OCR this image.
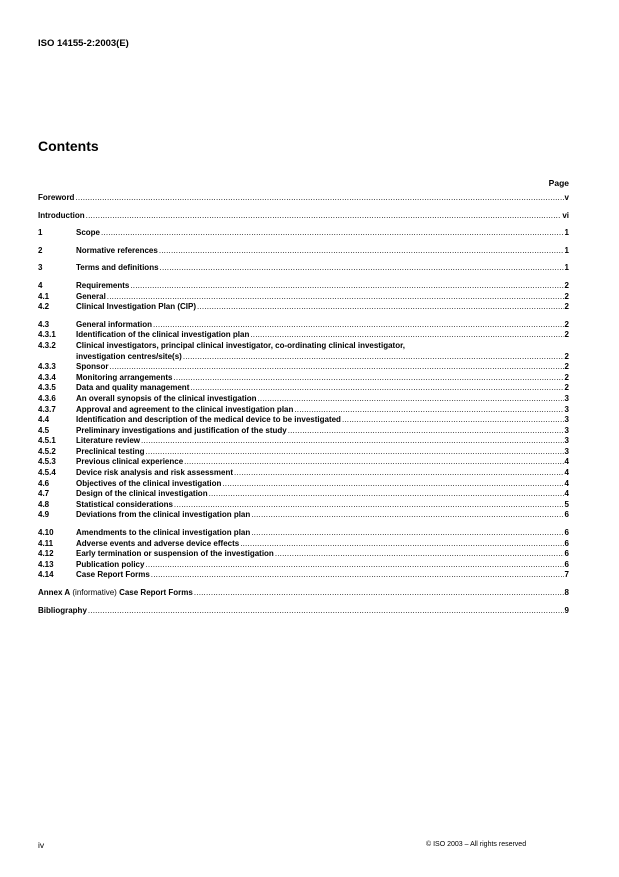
ISO 14155-2:2003(E)
Contents
Page
Foreword .....	v
Introduction .....	vi
1	Scope .....	1
2	Normative references .....	1
3	Terms and definitions .....	1
4	Requirements .....	2
4.1	General .....	2
4.2	Clinical Investigation Plan (CIP) .....	2
4.3	General information .....	2
4.3.1	Identification of the clinical investigation plan .....	2
4.3.2	Clinical investigators, principal clinical investigator, co-ordinating clinical investigator,
investigation centres/site(s) .....	2
4.3.3	Sponsor .....	2
4.3.4	Monitoring arrangements .....	2
4.3.5	Data and quality management .....	2
4.3.6	An overall synopsis of the clinical investigation .....	3
4.3.7	Approval and agreement to the clinical investigation plan .....	3
4.4	Identification and description of the medical device to be investigated .....	3
4.5	Preliminary investigations and justification of the study .....	3
4.5.1	Literature review .....	3
4.5.2	Preclinical testing .....	3
4.5.3	Previous clinical experience .....	4
4.5.4	Device risk analysis and risk assessment .....	4
4.6	Objectives of the clinical investigation .....	4
4.7	Design of the clinical investigation .....	4
4.8	Statistical considerations .....	5
4.9	Deviations from the clinical investigation plan .....	6
4.10	Amendments to the clinical investigation plan .....	6
4.11	Adverse events and adverse device effects .....	6
4.12	Early termination or suspension of the investigation .....	6
4.13	Publication policy .....	6
4.14	Case Report Forms .....	7
Annex A (informative) Case Report Forms .....	8
Bibliography .....	9
iv	© ISO 2003 – All rights reserved
